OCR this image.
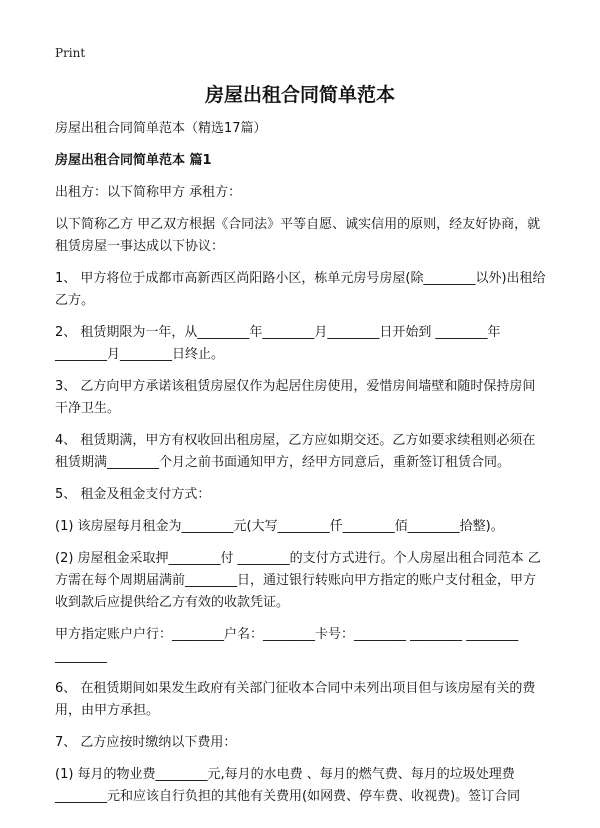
Print
房屋出租合同简单范本

房屋出租合同简单范本（精选17篇）

房屋出租合同简单范本 篇1

出租方：以下简称甲方 承租方：

以下简称乙方 甲乙双方根据《合同法》平等自愿、诚实信用的原则，经友好协商，就租赁房屋一事达成以下协议：

1、 甲方将位于成都市高新西区尚阳路小区，栋单元房号房屋(除________以外)出租给乙方。

2、 租赁期限为一年，从________年________月________日开始到 ________年________月________日终止。

3、 乙方向甲方承诺该租赁房屋仅作为起居住房使用，爱惜房间墙壁和随时保持房间干净卫生。

4、 租赁期满，甲方有权收回出租房屋，乙方应如期交还。乙方如要求续租则必须在租赁期满________个月之前书面通知甲方，经甲方同意后，重新签订租赁合同。

5、 租金及租金支付方式：

(1) 该房屋每月租金为________元(大写________仟________佰________拾整)。

(2) 房屋租金采取押________付 ________的支付方式进行。个人房屋出租合同范本 乙方需在每个周期届满前________日，通过银行转账向甲方指定的账户支付租金，甲方收到款后应提供给乙方有效的收款凭证。

甲方指定账户户行：________户名：________卡号：________ ________ ________ ________

6、 在租赁期间如果发生政府有关部门征收本合同中未列出项目但与该房屋有关的费用，由甲方承担。

7、 乙方应按时缴纳以下费用：

(1) 每月的物业费________元,每月的水电费 、每月的燃气费、每月的垃圾处理费________元和应该自行负担的其他有关费用(如网费、停车费、收视费)。签订合同
